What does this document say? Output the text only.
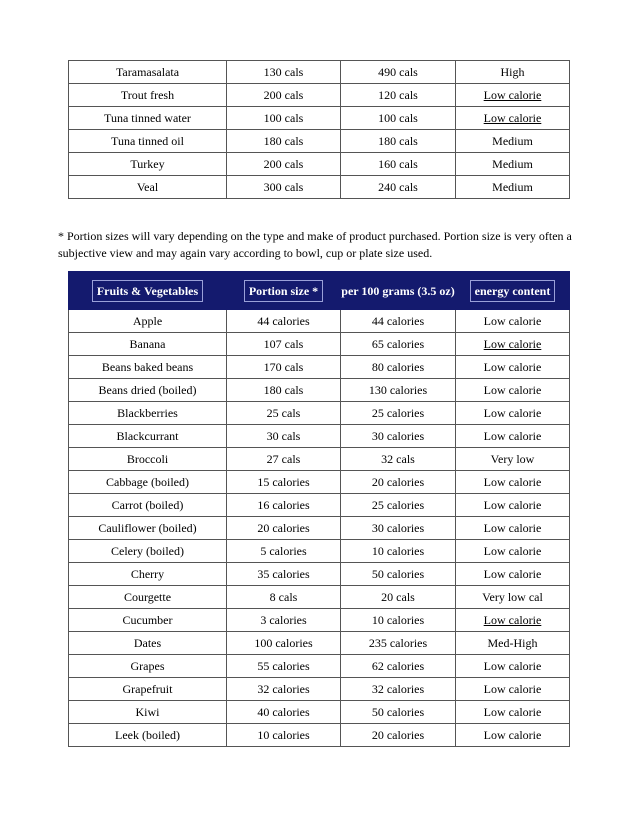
Taramasalata	130 cals	490 cals	High
Trout fresh	200 cals	120 cals	Low calorie
Tuna tinned water	100 cals	100 cals	Low calorie
Tuna tinned oil	180 cals	180 cals	Medium
Turkey	200 cals	160 cals	Medium
Veal	300 cals	240 cals	Medium
* Portion sizes will vary depending on the type and make of product purchased. Portion size is very often a subjective view and may again vary according to bowl, cup or plate size used.
Fruits & Vegetables	Portion size *	per 100 grams (3.5 oz)	energy content
Apple	44 calories	44 calories	Low calorie
Banana	107 cals	65 calories	Low calorie
Beans baked beans	170 cals	80 calories	Low calorie
Beans dried (boiled)	180 cals	130 calories	Low calorie
Blackberries	25 cals	25 calories	Low calorie
Blackcurrant	30 cals	30 calories	Low calorie
Broccoli	27 cals	32 cals	Very low
Cabbage (boiled)	15 calories	20 calories	Low calorie
Carrot (boiled)	16 calories	25 calories	Low calorie
Cauliflower (boiled)	20 calories	30 calories	Low calorie
Celery (boiled)	5 calories	10 calories	Low calorie
Cherry	35 calories	50 calories	Low calorie
Courgette	8 cals	20 cals	Very low cal
Cucumber	3 calories	10 calories	Low calorie
Dates	100 calories	235 calories	Med-High
Grapes	55 calories	62 calories	Low calorie
Grapefruit	32 calories	32 calories	Low calorie
Kiwi	40 calories	50 calories	Low calorie
Leek (boiled)	10 calories	20 calories	Low calorie
